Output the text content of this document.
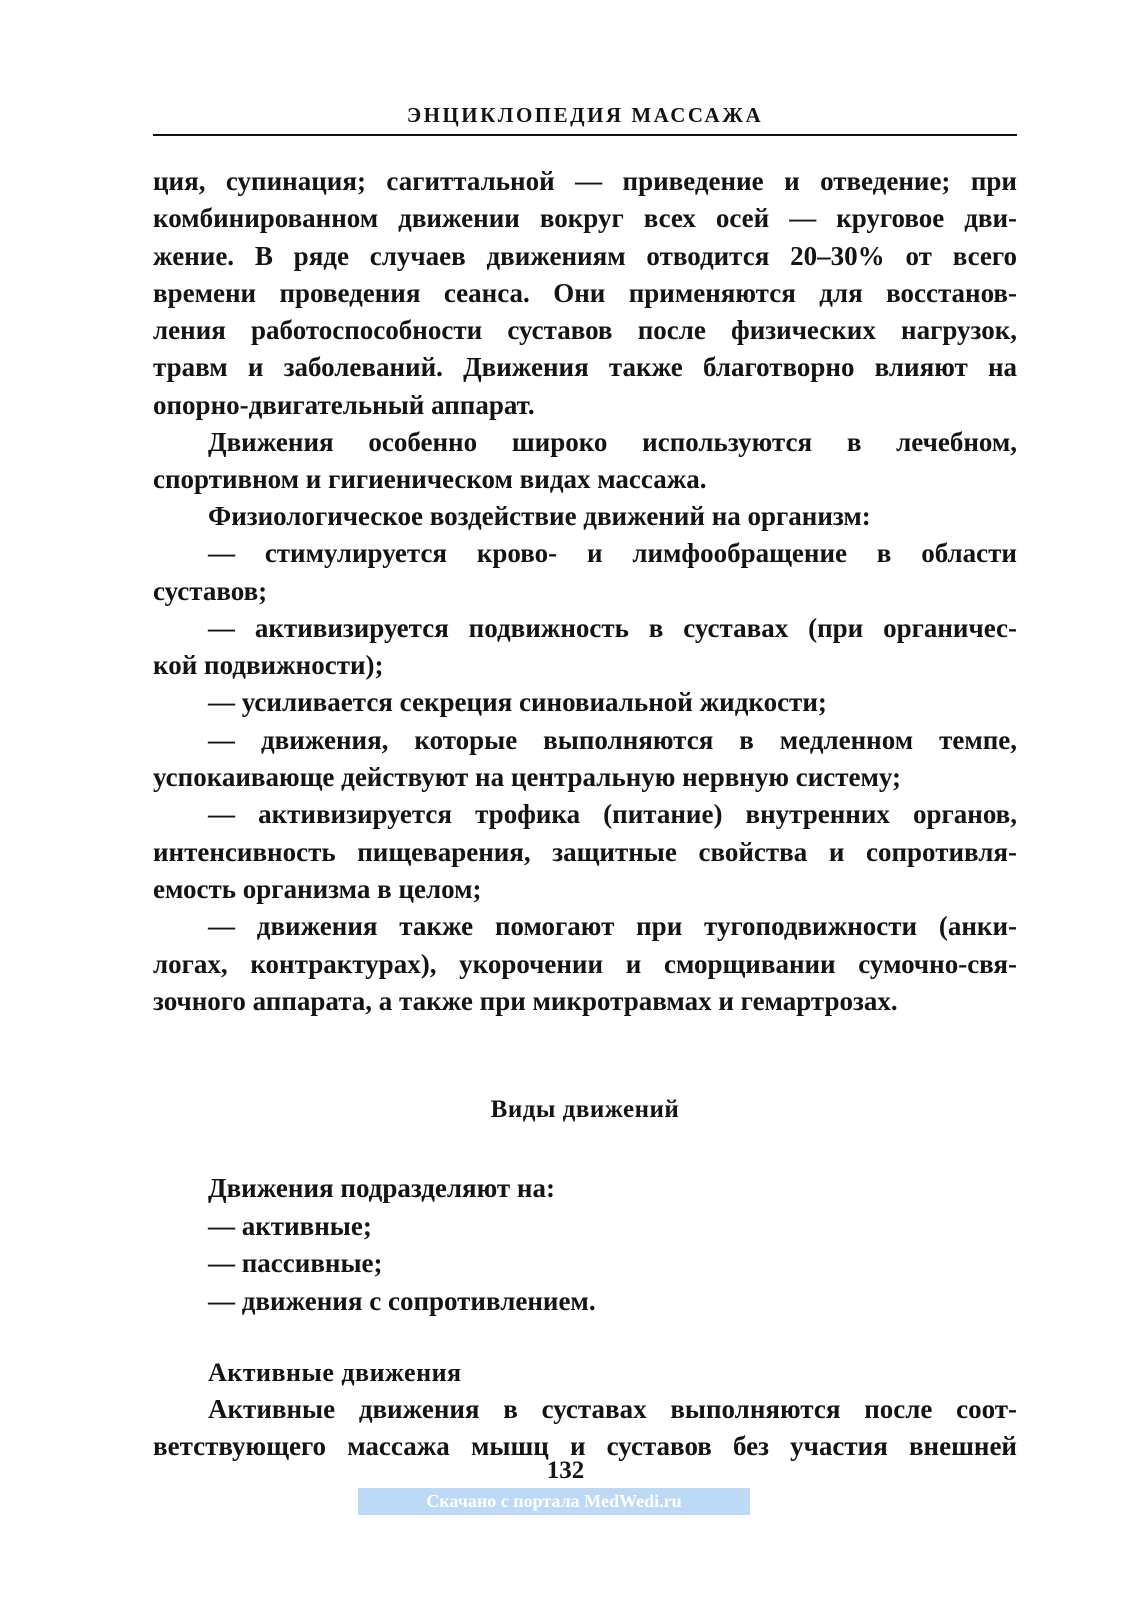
ЭНЦИКЛОПЕДИЯ МАССАЖА
ция, супинация; сагиттальной — приведение и отведение; при
комбинированном движении вокруг всех осей — круговое дви-
жение. В ряде случаев движениям отводится 20–30% от всего
времени проведения сеанса. Они применяются для восстанов-
ления работоспособности суставов после физических нагрузок,
травм и заболеваний. Движения также благотворно влияют на
опорно-двигательный аппарат.
Движения особенно широко используются в лечебном,
спортивном и гигиеническом видах массажа.
Физиологическое воздействие движений на организм:
— стимулируется крово- и лимфообращение в области
суставов;
— активизируется подвижность в суставах (при органичес-
кой подвижности);
— усиливается секреция синовиальной жидкости;
— движения, которые выполняются в медленном темпе,
успокаивающе действуют на центральную нервную систему;
— активизируется трофика (питание) внутренних органов,
интенсивность пищеварения, защитные свойства и сопротивля-
емость организма в целом;
— движения также помогают при тугоподвижности (анки-
логах, контрактурах), укорочении и сморщивании сумочно-свя-
зочного аппарата, а также при микротравмах и гемартрозах.
Виды движений
Движения подразделяют на:
— активные;
— пассивные;
— движения с сопротивлением.
Активные движения
Активные движения в суставах выполняются после соот-
ветствующего массажа мышц и суставов без участия внешней
132
Скачано с портала MedWedi.ru
